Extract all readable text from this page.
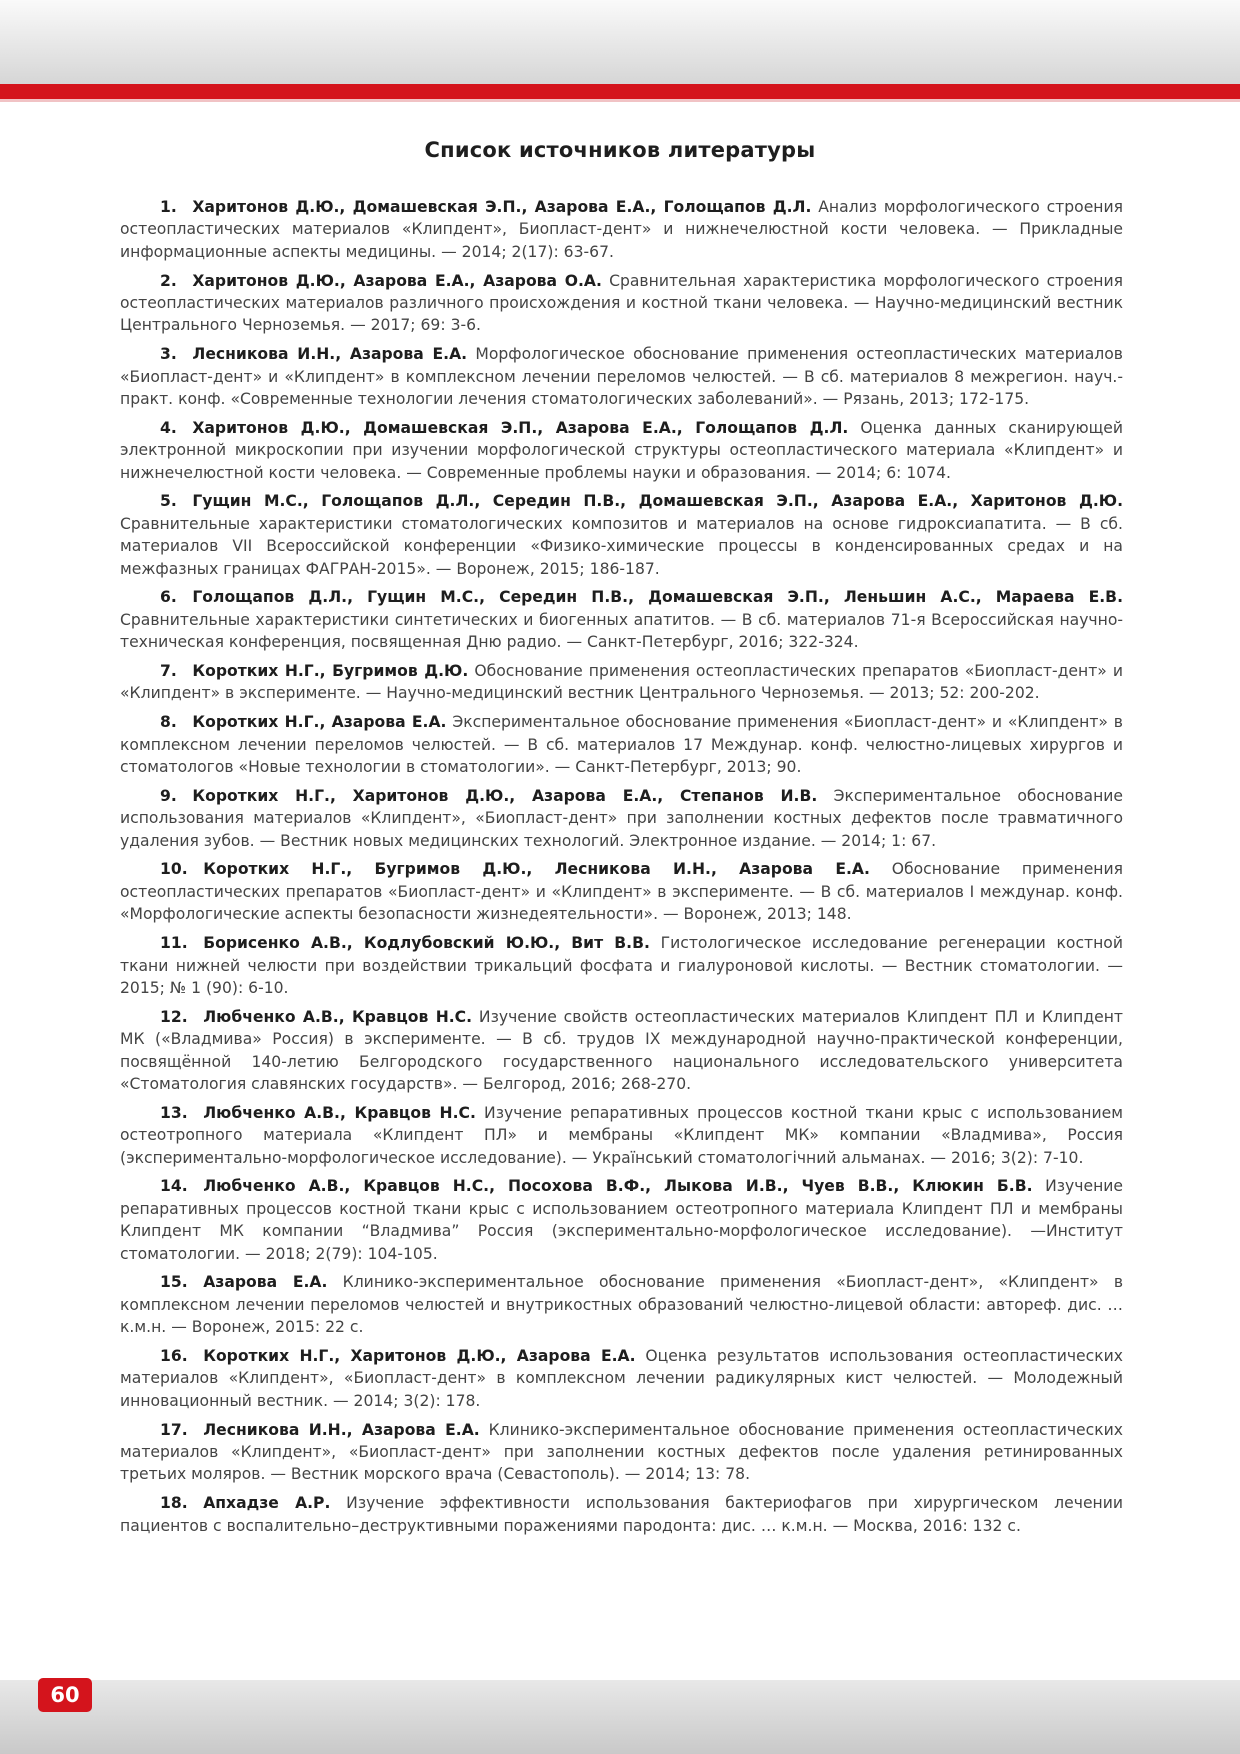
Список источников литературы
1.  Харитонов Д.Ю., Домашевская Э.П., Азарова Е.А., Голощапов Д.Л. Анализ морфологического строения остеопластических материалов «Клипдент», Биопласт-дент» и нижнечелюстной кости человека. — Прикладные информационные аспекты медицины. — 2014; 2(17): 63-67.
2.  Харитонов Д.Ю., Азарова Е.А., Азарова О.А. Сравнительная характеристика морфологического строения остеопластических материалов различного происхождения и костной ткани человека. — Научно-медицинский вестник Центрального Черноземья. — 2017; 69: 3-6.
3.  Лесникова И.Н., Азарова Е.А. Морфологическое обоснование применения остеопластических материалов «Биопласт-дент» и «Клипдент» в комплексном лечении переломов челюстей. — В сб. материалов 8 межрегион. науч.-практ. конф. «Современные технологии лечения стоматологических заболеваний». — Рязань, 2013; 172-175.
4.  Харитонов Д.Ю., Домашевская Э.П., Азарова Е.А., Голощапов Д.Л. Оценка данных сканирующей электронной микроскопии при изучении морфологической структуры остеопластического материала «Клипдент» и нижнечелюстной кости человека. — Современные проблемы науки и образования. — 2014; 6: 1074.
5.  Гущин М.С., Голощапов Д.Л., Середин П.В., Домашевская Э.П., Азарова Е.А., Харитонов Д.Ю. Сравнительные характеристики стоматологических композитов и материалов на основе гидроксиапатита. — В сб. материалов VII Всероссийской конференции «Физико-химические процессы в конденсированных средах и на межфазных границах ФАГРАН-2015». — Воронеж, 2015; 186-187.
6.  Голощапов Д.Л., Гущин М.С., Середин П.В., Домашевская Э.П., Леньшин А.С., Мараева Е.В. Сравнительные характеристики синтетических и биогенных апатитов. — В сб. материалов 71-я Всероссийская научно-техническая конференция, посвященная Дню радио. — Санкт-Петербург, 2016; 322-324.
7.  Коротких Н.Г., Бугримов Д.Ю. Обоснование применения остеопластических препаратов «Биопласт-дент» и «Клипдент» в эксперименте. — Научно-медицинский вестник Центрального Черноземья. — 2013; 52: 200-202.
8.  Коротких Н.Г., Азарова Е.А. Экспериментальное обоснование применения «Биопласт-дент» и «Клипдент» в комплексном лечении переломов челюстей. — В сб. материалов 17 Междунар. конф. челюстно-лицевых хирургов и стоматологов «Новые технологии в стоматологии». — Санкт-Петербург, 2013; 90.
9.  Коротких Н.Г., Харитонов Д.Ю., Азарова Е.А., Степанов И.В. Экспериментальное обоснование использования материалов «Клипдент», «Биопласт-дент» при заполнении костных дефектов после травматичного удаления зубов. — Вестник новых медицинских технологий. Электронное издание. — 2014; 1: 67.
10.  Коротких Н.Г., Бугримов Д.Ю., Лесникова И.Н., Азарова Е.А. Обоснование применения остеопластических препаратов «Биопласт-дент» и «Клипдент» в эксперименте. — В сб. материалов I междунар. конф. «Морфологические аспекты безопасности жизнедеятельности». — Воронеж, 2013; 148.
11.  Борисенко А.В., Кодлубовский Ю.Ю., Вит В.В. Гистологическое исследование регенерации костной ткани нижней челюсти при воздействии трикальций фосфата и гиалуроновой кислоты. — Вестник стоматологии. — 2015; № 1 (90): 6-10.
12.  Любченко А.В., Кравцов Н.С. Изучение свойств остеопластических материалов Клипдент ПЛ и Клипдент МК («Владмива» Россия) в эксперименте. — В сб. трудов IX международной научно-практической конференции, посвящённой 140-летию Белгородского государственного национального исследовательского университета «Стоматология славянских государств». — Белгород, 2016; 268-270.
13.  Любченко А.В., Кравцов Н.С. Изучение репаративных процессов костной ткани крыс с использованием остеотропного материала «Клипдент ПЛ» и мембраны «Клипдент МК» компании «Владмива», Россия (экспериментально-морфологическое исследование). — Український стоматологічний альманах. — 2016; 3(2): 7-10.
14.  Любченко А.В., Кравцов Н.С., Посохова В.Ф., Лыкова И.В., Чуев В.В., Клюкин Б.В. Изучение репаративных процессов костной ткани крыс с использованием остеотропного материала Клипдент ПЛ и мембраны Клипдент МК компании “Владмива” Россия (экспериментально-морфологическое исследование). —Институт стоматологии. — 2018; 2(79): 104-105.
15.  Азарова Е.А. Клинико-экспериментальное обоснование применения «Биопласт-дент», «Клипдент» в комплексном лечении переломов челюстей и внутрикостных образований челюстно-лицевой области: автореф. дис. … к.м.н. — Воронеж, 2015: 22 с.
16.  Коротких Н.Г., Харитонов Д.Ю., Азарова Е.А. Оценка результатов использования остеопластических материалов «Клипдент», «Биопласт-дент» в комплексном лечении радикулярных кист челюстей. — Молодежный инновационный вестник. — 2014; 3(2): 178.
17.  Лесникова И.Н., Азарова Е.А. Клинико-экспериментальное обоснование применения остеопластических материалов «Клипдент», «Биопласт-дент» при заполнении костных дефектов после удаления ретинированных третьих моляров. — Вестник морского врача (Севастополь). — 2014; 13: 78.
18.  Апхадзе А.Р. Изучение эффективности использования бактериофагов при хирургическом лечении пациентов с воспалительно–деструктивными поражениями пародонта: дис. … к.м.н. — Москва, 2016: 132 с.
60
